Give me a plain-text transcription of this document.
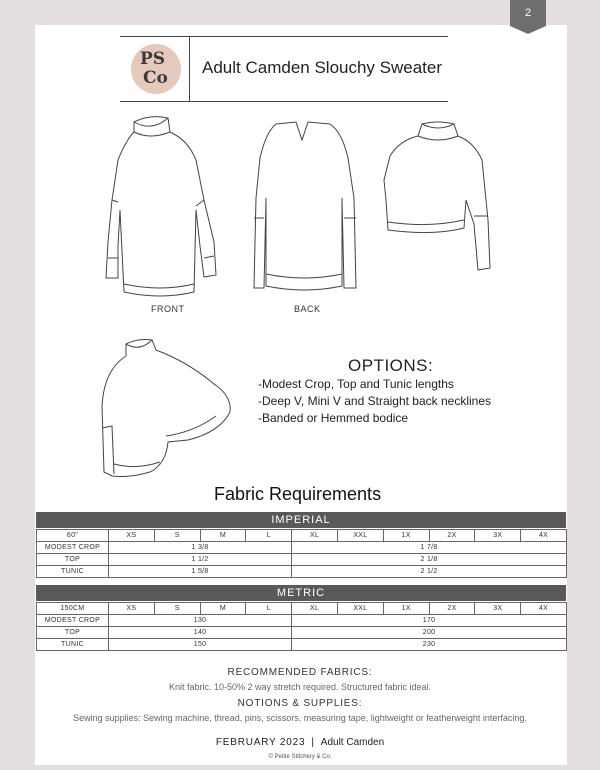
2
PS
Co
Adult Camden Slouchy Sweater
FRONT	BACK
OPTIONS:
-Modest Crop, Top and Tunic lengths
-Deep V, Mini V and Straight back necklines
-Banded or Hemmed bodice
Fabric Requirements
IMPERIAL
60"	XS	S	M	L	XL	XXL	1X	2X	3X	4X
MODEST CROP	1 3/8				1 7/8					
TOP	1 1/2				2 1/8					
TUNIC	1 5/8				2 1/2					
METRIC
150CM	XS	S	M	L	XL	XXL	1X	2X	3X	4X
MODEST CROP	130				170					
TOP	140				200					
TUNIC	150				230					
RECOMMENDED FABRICS:
Knit fabric. 10-50% 2 way stretch required. Structured fabric ideal.
NOTIONS & SUPPLIES:
Sewing supplies: Sewing machine, thread, pins, scissors, measuring tape, lightweight or featherweight interfacing.
FEBRUARY 2023 | Adult Camden
© Petite Stitchery & Co.
